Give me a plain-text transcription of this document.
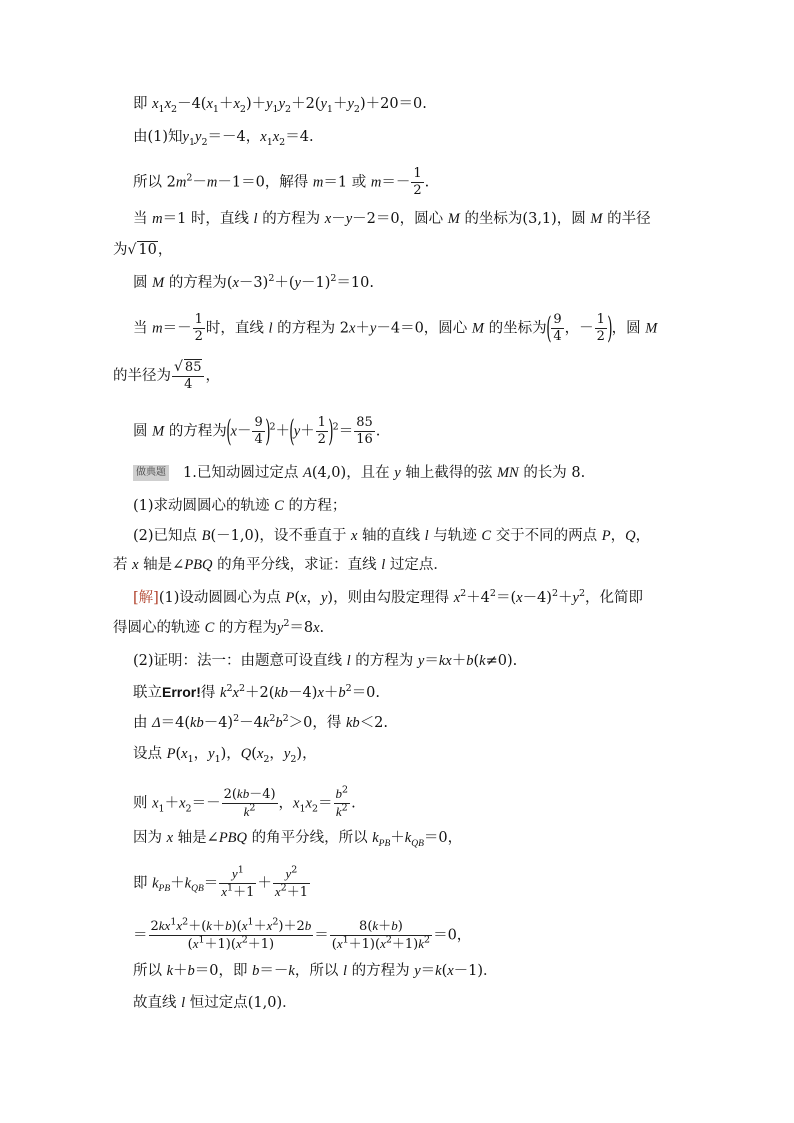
即 $x_1x_2-4(x_1+x_2)+y_1y_2+2(y_1+y_2)+20=0$.
由(1)知$y_1y_2=-4$，$x_1x_2=4$.
所以 $2m^2-m-1=0$，解得 m＝1 或 $m=- \frac{1}{2}$ .
当 m＝1 时，直线 l 的方程为 x－y－2＝0，圆心 M 的坐标为(3,1)，圆 M 的半径
为√ 10，
圆 M 的方程为$(x-3)^2+(y-1)^2=10$.
当 $m=- \frac{1}{2}$ 时，直线 l 的方程为 2x＋y－4＝0，圆心 M 的坐标为( $\frac{9}{4}$ ，－ $\frac{1}{2}$ )，圆 M
的半径为 $\frac{√ 85}{4}$ ，
圆 M 的方程为$(x- \frac{9}{4} )^2+(y+ \frac{1}{2} )^2= \frac{85}{16}$ .
做典题 1.已知动圆过定点 A(4,0)，且在 y 轴上截得的弦 MN 的长为 8.
(1)求动圆圆心的轨迹 C 的方程；
(2)已知点 B(－1,0)，设不垂直于 x 轴的直线 l 与轨迹 C 交于不同的两点 P，Q，
若 x 轴是∠PBQ 的角平分线，求证：直线 l 过定点．
[解](1)设动圆圆心为点 P(x，y)，则由勾股定理得 $x^2+4^2=(x-4)^2+y^2$，化简即
得圆心的轨迹 C 的方程为$y^2=8x$.
(2)证明：法一：由题意可设直线 l 的方程为 y＝kx＋b(k≠0).
联立Error!得 $k^2x^2+2(kb-4)x+b^2=0$.
由 $\Delta=4(kb-4)^2-4k^2b^2>0$，得 kb＜2.
设点 $P(x_1$，$y_1$)，$Q(x_2$，$y_2$)，
则 $x_1+x_2=- \frac{2(kb-4)}{k^2}$ ，$x_1x_2= \frac{b^2}{k^2}$ .
因为 x 轴是∠PBQ 的角平分线，所以 $k_{PB}+k_{QB}=0$，
即 $k_{PB}+k_{QB}= \frac{y^1}{x^1+1} + \frac{y^2}{x^2+1}$
＝ $\frac{2kx^1x^2+(k+b)(x^1+x^2)+2b}{(x^1+1)(x^2+1)} = \frac{8(k+b)}{(x^1+1)(x^2+1)k^2} =0$，
所以 k＋b＝0，即 b＝－k，所以 l 的方程为 y＝k(x－1)．
故直线 l 恒过定点(1,0)．
